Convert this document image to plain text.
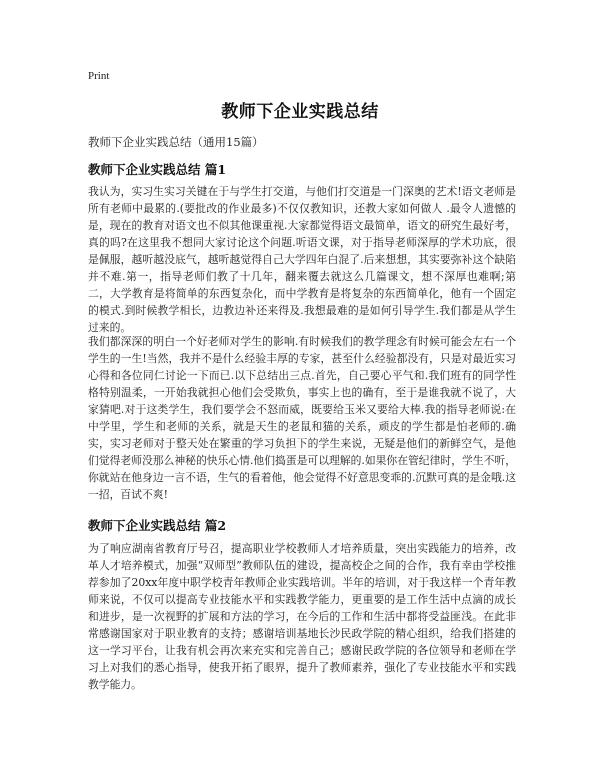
Print
教师下企业实践总结
教师下企业实践总结（通用15篇）
教师下企业实践总结 篇1
我认为，实习生实习关键在于与学生打交道，与他们打交道是一门深奥的艺术!语文老师是所有老师中最累的.(要批改的作业最多)不仅仅教知识，还教大家如何做人 .最令人遗憾的是，现在的教育对语文也不似其他课重视.大家都觉得语文最简单，语文的研究生最好考，真的吗?在这里我不想同大家讨论这个问题.听语文课，对于指导老师深厚的学术功底，很是佩服，越听越没底气，越听越觉得自己大学四年白混了.后来想想，其实要弥补这个缺陷并不难.第一，指导老师们教了十几年，翻来覆去就这么几篇课文，想不深厚也难啊;第二，大学教育是将简单的东西复杂化，而中学教育是将复杂的东西简单化，他有一个固定的模式.到时候教学相长，边教边补还来得及.我想最难的是如何引导学生.我们都是从学生过来的。
我们都深深的明白一个好老师对学生的影响.有时候我们的教学理念有时候可能会左右一个学生的一生!当然，我并不是什么经验丰厚的专家，甚至什么经验都没有，只是对最近实习心得和各位同仁讨论一下而已.以下总结出三点.首先，自己要心平气和.我们班有的同学性格特别温柔，一开始我就担心他们会受欺负，事实上也的确有，至于是谁我就不说了，大家猜吧.对于这类学生，我们要学会不怒而威，既要给玉米又要给大棒.我的指导老师说:在中学里，学生和老师的关系，就是天生的老鼠和猫的关系，顽皮的学生都是怕老师的.确实，实习老师对于整天处在繁重的学习负担下的学生来说，无疑是他们的新鲜空气，是他们觉得老师没那么神秘的快乐心情.他们捣蛋是可以理解的.如果你在管纪律时，学生不听，你就站在他身边一言不语，生气的看着他，他会觉得不好意思变乖的.沉默可真的是金哦.这一招，百试不爽!
教师下企业实践总结 篇2
为了响应湖南省教育厅号召，提高职业学校教师人才培养质量，突出实践能力的培养，改革人才培养模式，加强“双师型”教师队伍的建设，提高校企之间的合作，我有幸由学校推荐参加了20xx年度中职学校青年教师企业实践培训。半年的培训，对于我这样一个青年教师来说，不仅可以提高专业技能水平和实践教学能力，更重要的是工作生活中点滴的成长和进步，是一次视野的扩展和方法的学习，在今后的工作和生活中都将受益匪浅。在此非常感谢国家对于职业教育的支持；感谢培训基地长沙民政学院的精心组织，给我们搭建的这一学习平台，让我有机会再次来充实和完善自己；感谢民政学院的各位领导和老师在学习上对我们的悉心指导，使我开拓了眼界，提升了教师素养，强化了专业技能水平和实践教学能力。
